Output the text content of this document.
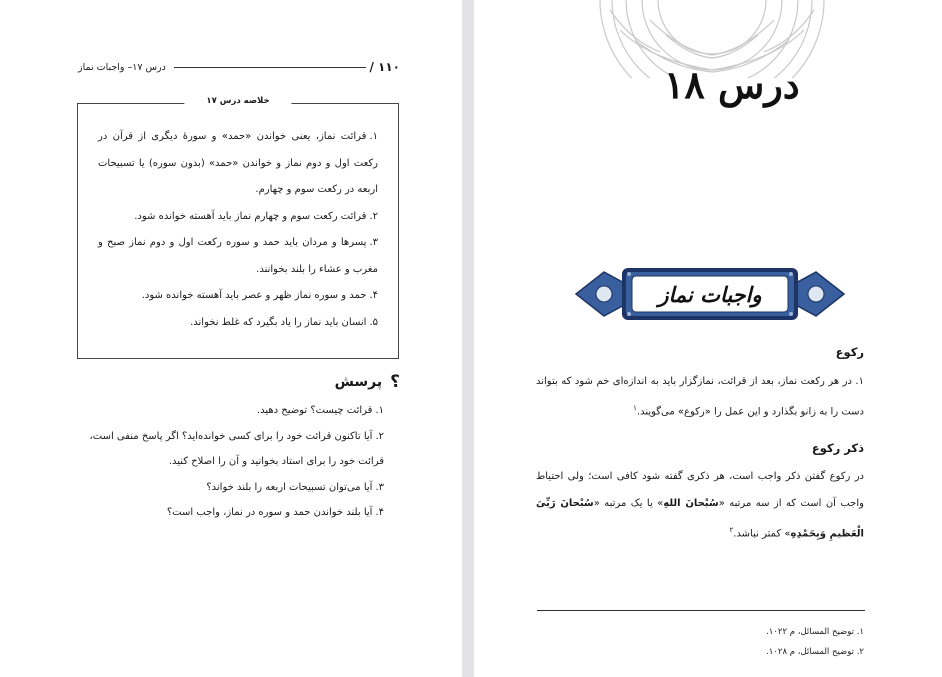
۱۱۰ /
درس ۱۷– واجبات نماز
خلاصه درس ۱۷
۱.قرائت نماز، یعنی خواندن «حمد» و سورۀ دیگری از قرآن در رکعت اول و دوم نماز و خواندن «حمد» (بدون سوره) یا تسبیحات اربعه در رکعت سوم و چهارم.
۲.قرائت رکعت سوم و چهارم نماز باید آهسته خوانده شود.
۳.پسرها و مردان باید حمد و سوره رکعت اول و دوم نماز صبح و مغرب و عشاء را بلند بخوانند.
۴.حمد و سوره نماز ظهر و عصر باید آهسته خوانده شود.
۵.انسان باید نماز را یاد بگیرد که غلط نخواند.
؟
پرسش
۱.قرائت چیست؟ توضیح دهید.
۲.آیا تاکنون قرائت خود را برای کسی خوانده‌اید؟ اگر پاسخ منفی است، قرائت خود را برای استاد بخوانید و آن را اصلاح کنید.
۳.آیا می‌توان تسبیحات اربعه را بلند خواند؟
۴.آیا بلند خواندن حمد و سوره در نماز، واجب است؟
درس ۱۸
واجبات نماز
رکوع

۱. در هر رکعت نماز، بعد از قرائت، نمازگزار باید به اندازه‌ای خم شود که بتواند دست را به زانو بگذارد و این عمل را «رکوع» می‌گویند.$^۱$

ذکر رکوع

در رکوع گفتن ذکر واجب است، هر ذکری گفته شود کافی است؛ ولی احتیاط واجب آن است که از سه مرتبه «سُبْحانَ اللهِ» یا یک مرتبه «سُبْحانَ رَبِّیَ الْعَظیمِ وَبِحَمْدِهِ» کمتر نباشد.$^۲$

۱. توضیح المسائل، م ۱۰۲۲.
۲. توضیح المسائل، م ۱۰۲۸.
